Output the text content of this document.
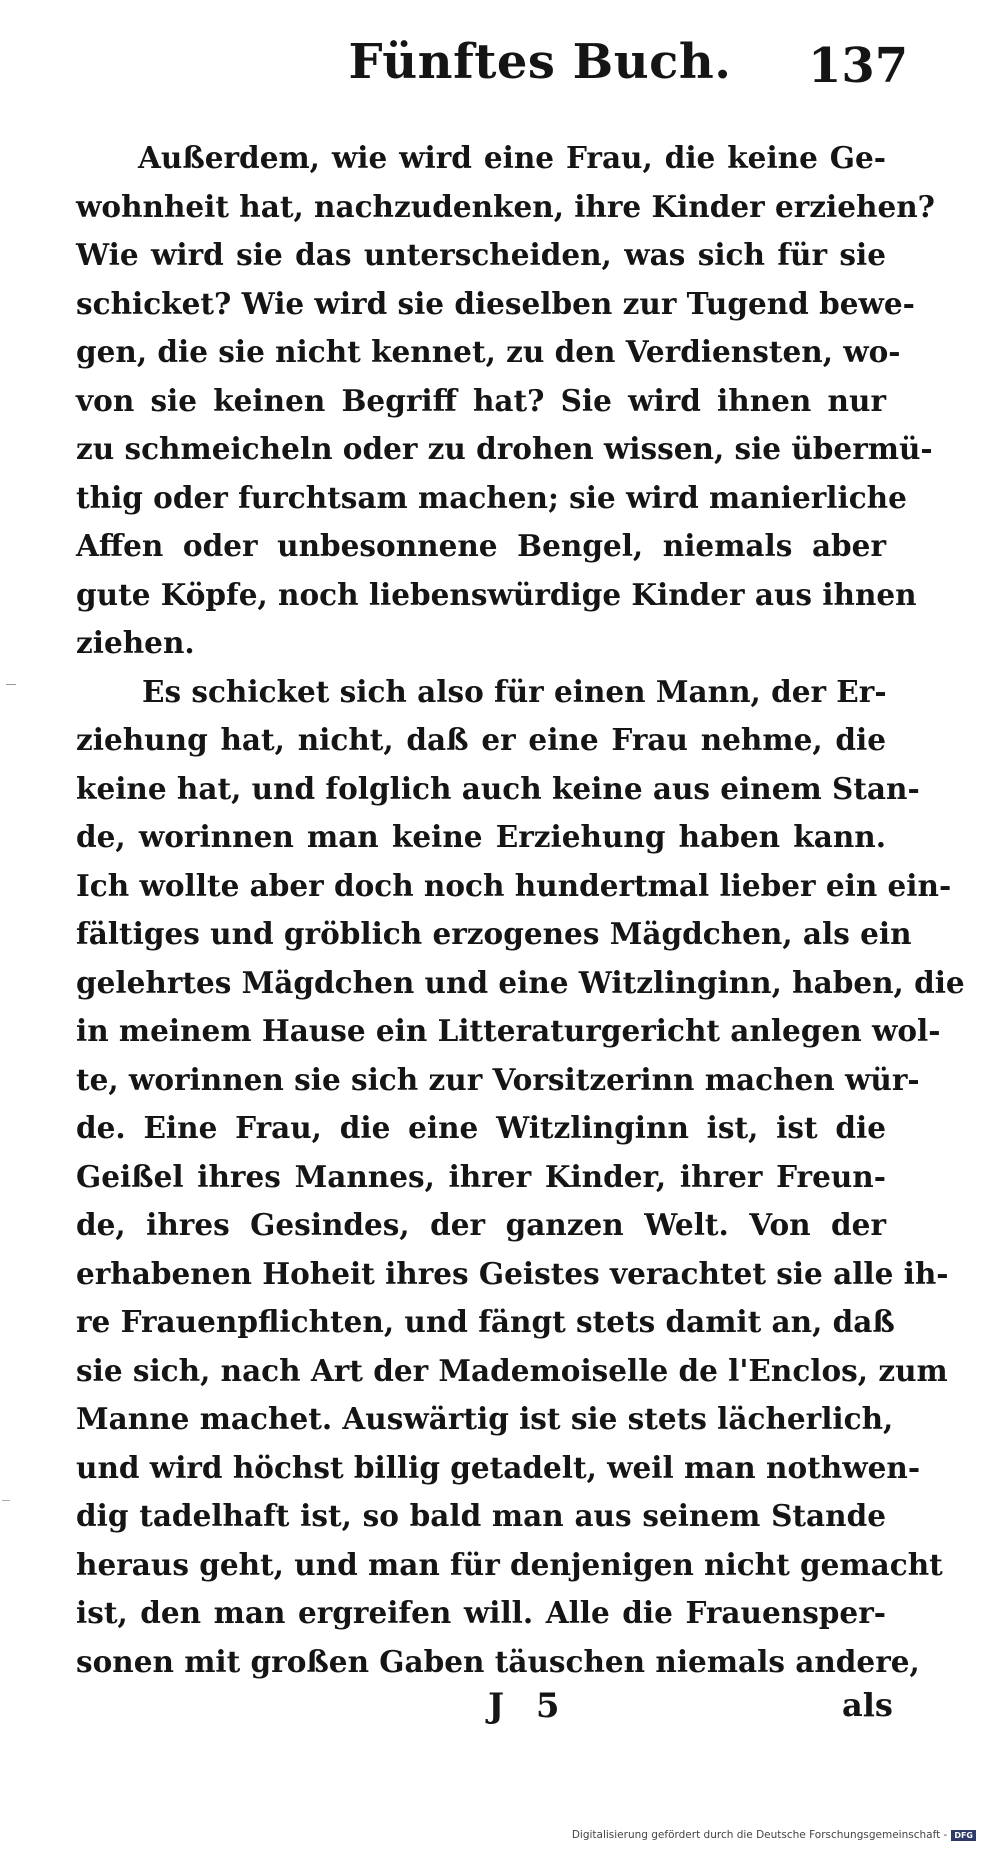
Fünftes Buch.	137
Außerdem, wie wird eine Frau, die keine Ge-
wohnheit hat, nachzudenken, ihre Kinder erziehen?
Wie wird sie das unterscheiden, was sich für sie
schicket? Wie wird sie dieselben zur Tugend bewe-
gen, die sie nicht kennet, zu den Verdiensten, wo-
von sie keinen Begriff hat? Sie wird ihnen nur
zu schmeicheln oder zu drohen wissen, sie übermü-
thig oder furchtsam machen; sie wird manierliche
Affen oder unbesonnene Bengel, niemals aber
gute Köpfe, noch liebenswürdige Kinder aus ihnen
ziehen.
Es schicket sich also für einen Mann, der Er-
ziehung hat, nicht, daß er eine Frau nehme, die
keine hat, und folglich auch keine aus einem Stan-
de, worinnen man keine Erziehung haben kann.
Ich wollte aber doch noch hundertmal lieber ein ein-
fältiges und gröblich erzogenes Mägdchen, als ein
gelehrtes Mägdchen und eine Witzlinginn, haben, die
in meinem Hause ein Litteraturgericht anlegen wol-
te, worinnen sie sich zur Vorsitzerinn machen wür-
de. Eine Frau, die eine Witzlinginn ist, ist die
Geißel ihres Mannes, ihrer Kinder, ihrer Freun-
de, ihres Gesindes, der ganzen Welt. Von der
erhabenen Hoheit ihres Geistes verachtet sie alle ih-
re Frauenpflichten, und fängt stets damit an, daß
sie sich, nach Art der Mademoiselle de l'Enclos, zum
Manne machet. Auswärtig ist sie stets lächerlich,
und wird höchst billig getadelt, weil man nothwen-
dig tadelhaft ist, so bald man aus seinem Stande
heraus geht, und man für denjenigen nicht gemacht
ist, den man ergreifen will. Alle die Frauensper-
sonen mit großen Gaben täuschen niemals andere,
J 5	als
Digitalisierung gefördert durch die Deutsche Forschungsgemeinschaft - DFG
